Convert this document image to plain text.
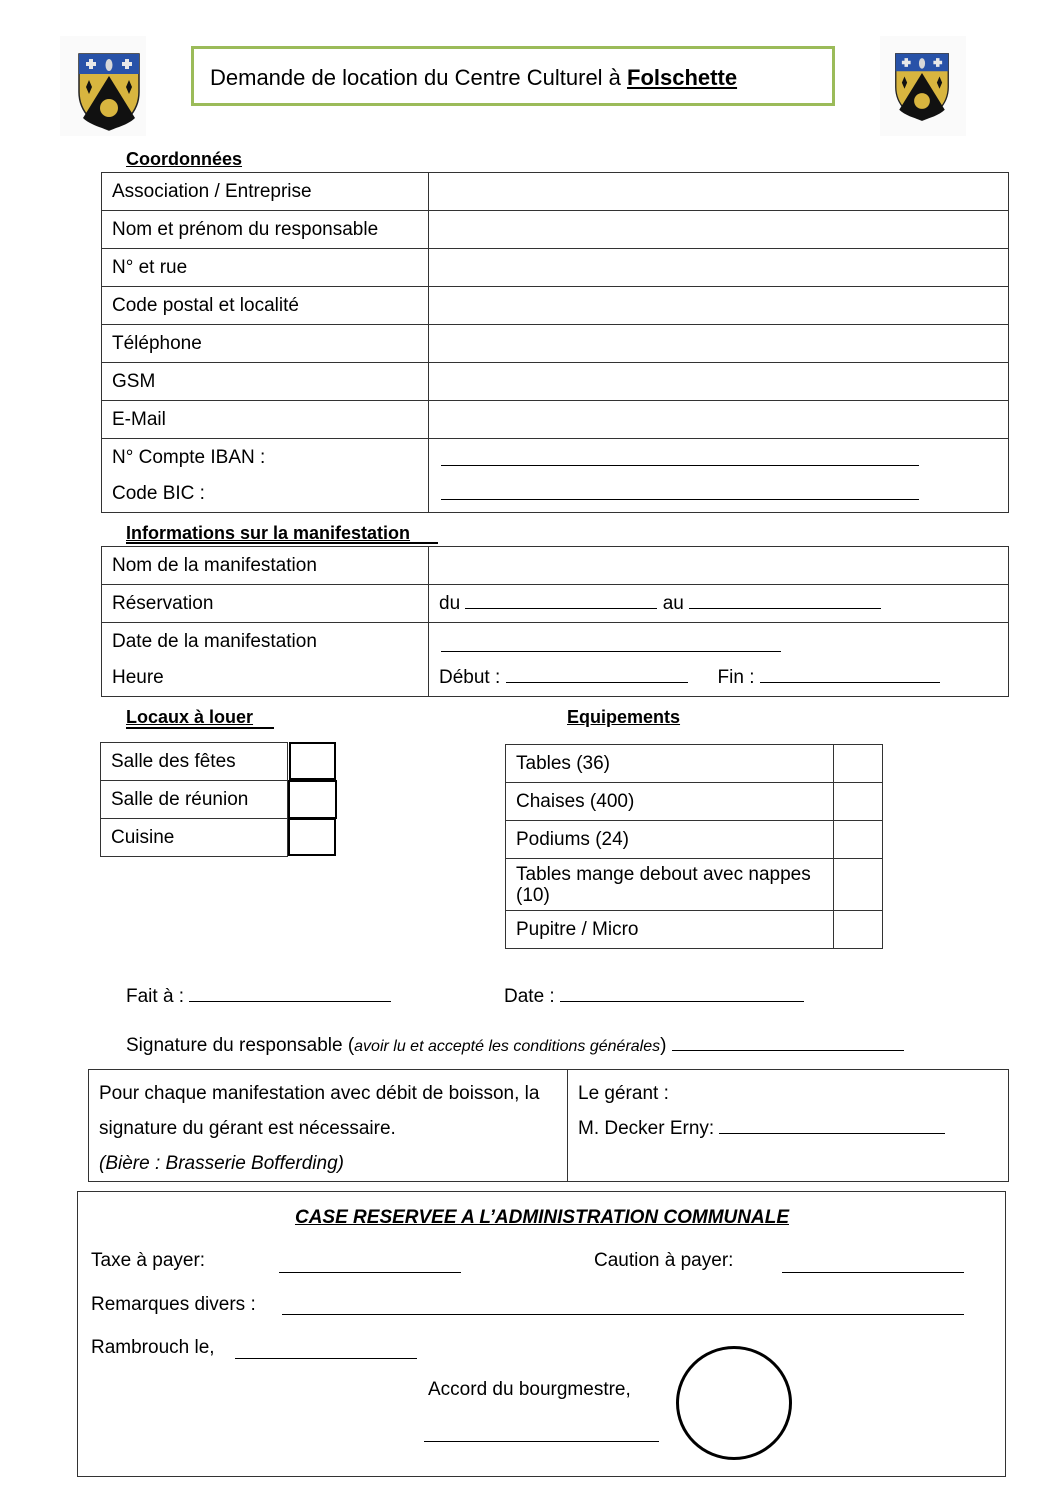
Demande de location du Centre Culturel à Folschette
Coordonnées
Association / Entreprise	
Nom et prénom du responsable	
N° et rue	
Code postal et localité	
Téléphone	
GSM	
E-Mail	

N° Compte IBAN :
Code BIC :	

Informations sur la manifestation
Nom de la manifestation	
Réservation	du au

Date de la manifestation
Heure	Début : Fin :
Locaux à louer
Salle des fêtes
Salle de réunion
Cuisine
Equipements
Tables (36)	
Chaises (400)	
Podiums (24)	
Tables mange debout avec nappes (10)	
Pupitre / Micro	
Fait à :	Date :
Signature du responsable (avoir lu et accepté les conditions générales)
Pour chaque manifestation avec débit de boisson, la
signature du gérant est nécessaire.
(Bière : Brasserie Bofferding)

Le gérant :
M. Decker Erny:
CASE RESERVEE A L’ADMINISTRATION COMMUNALE
Taxe à payer:	Caution à payer:
Remarques divers :
Rambrouch le,
Accord du bourgmestre,
